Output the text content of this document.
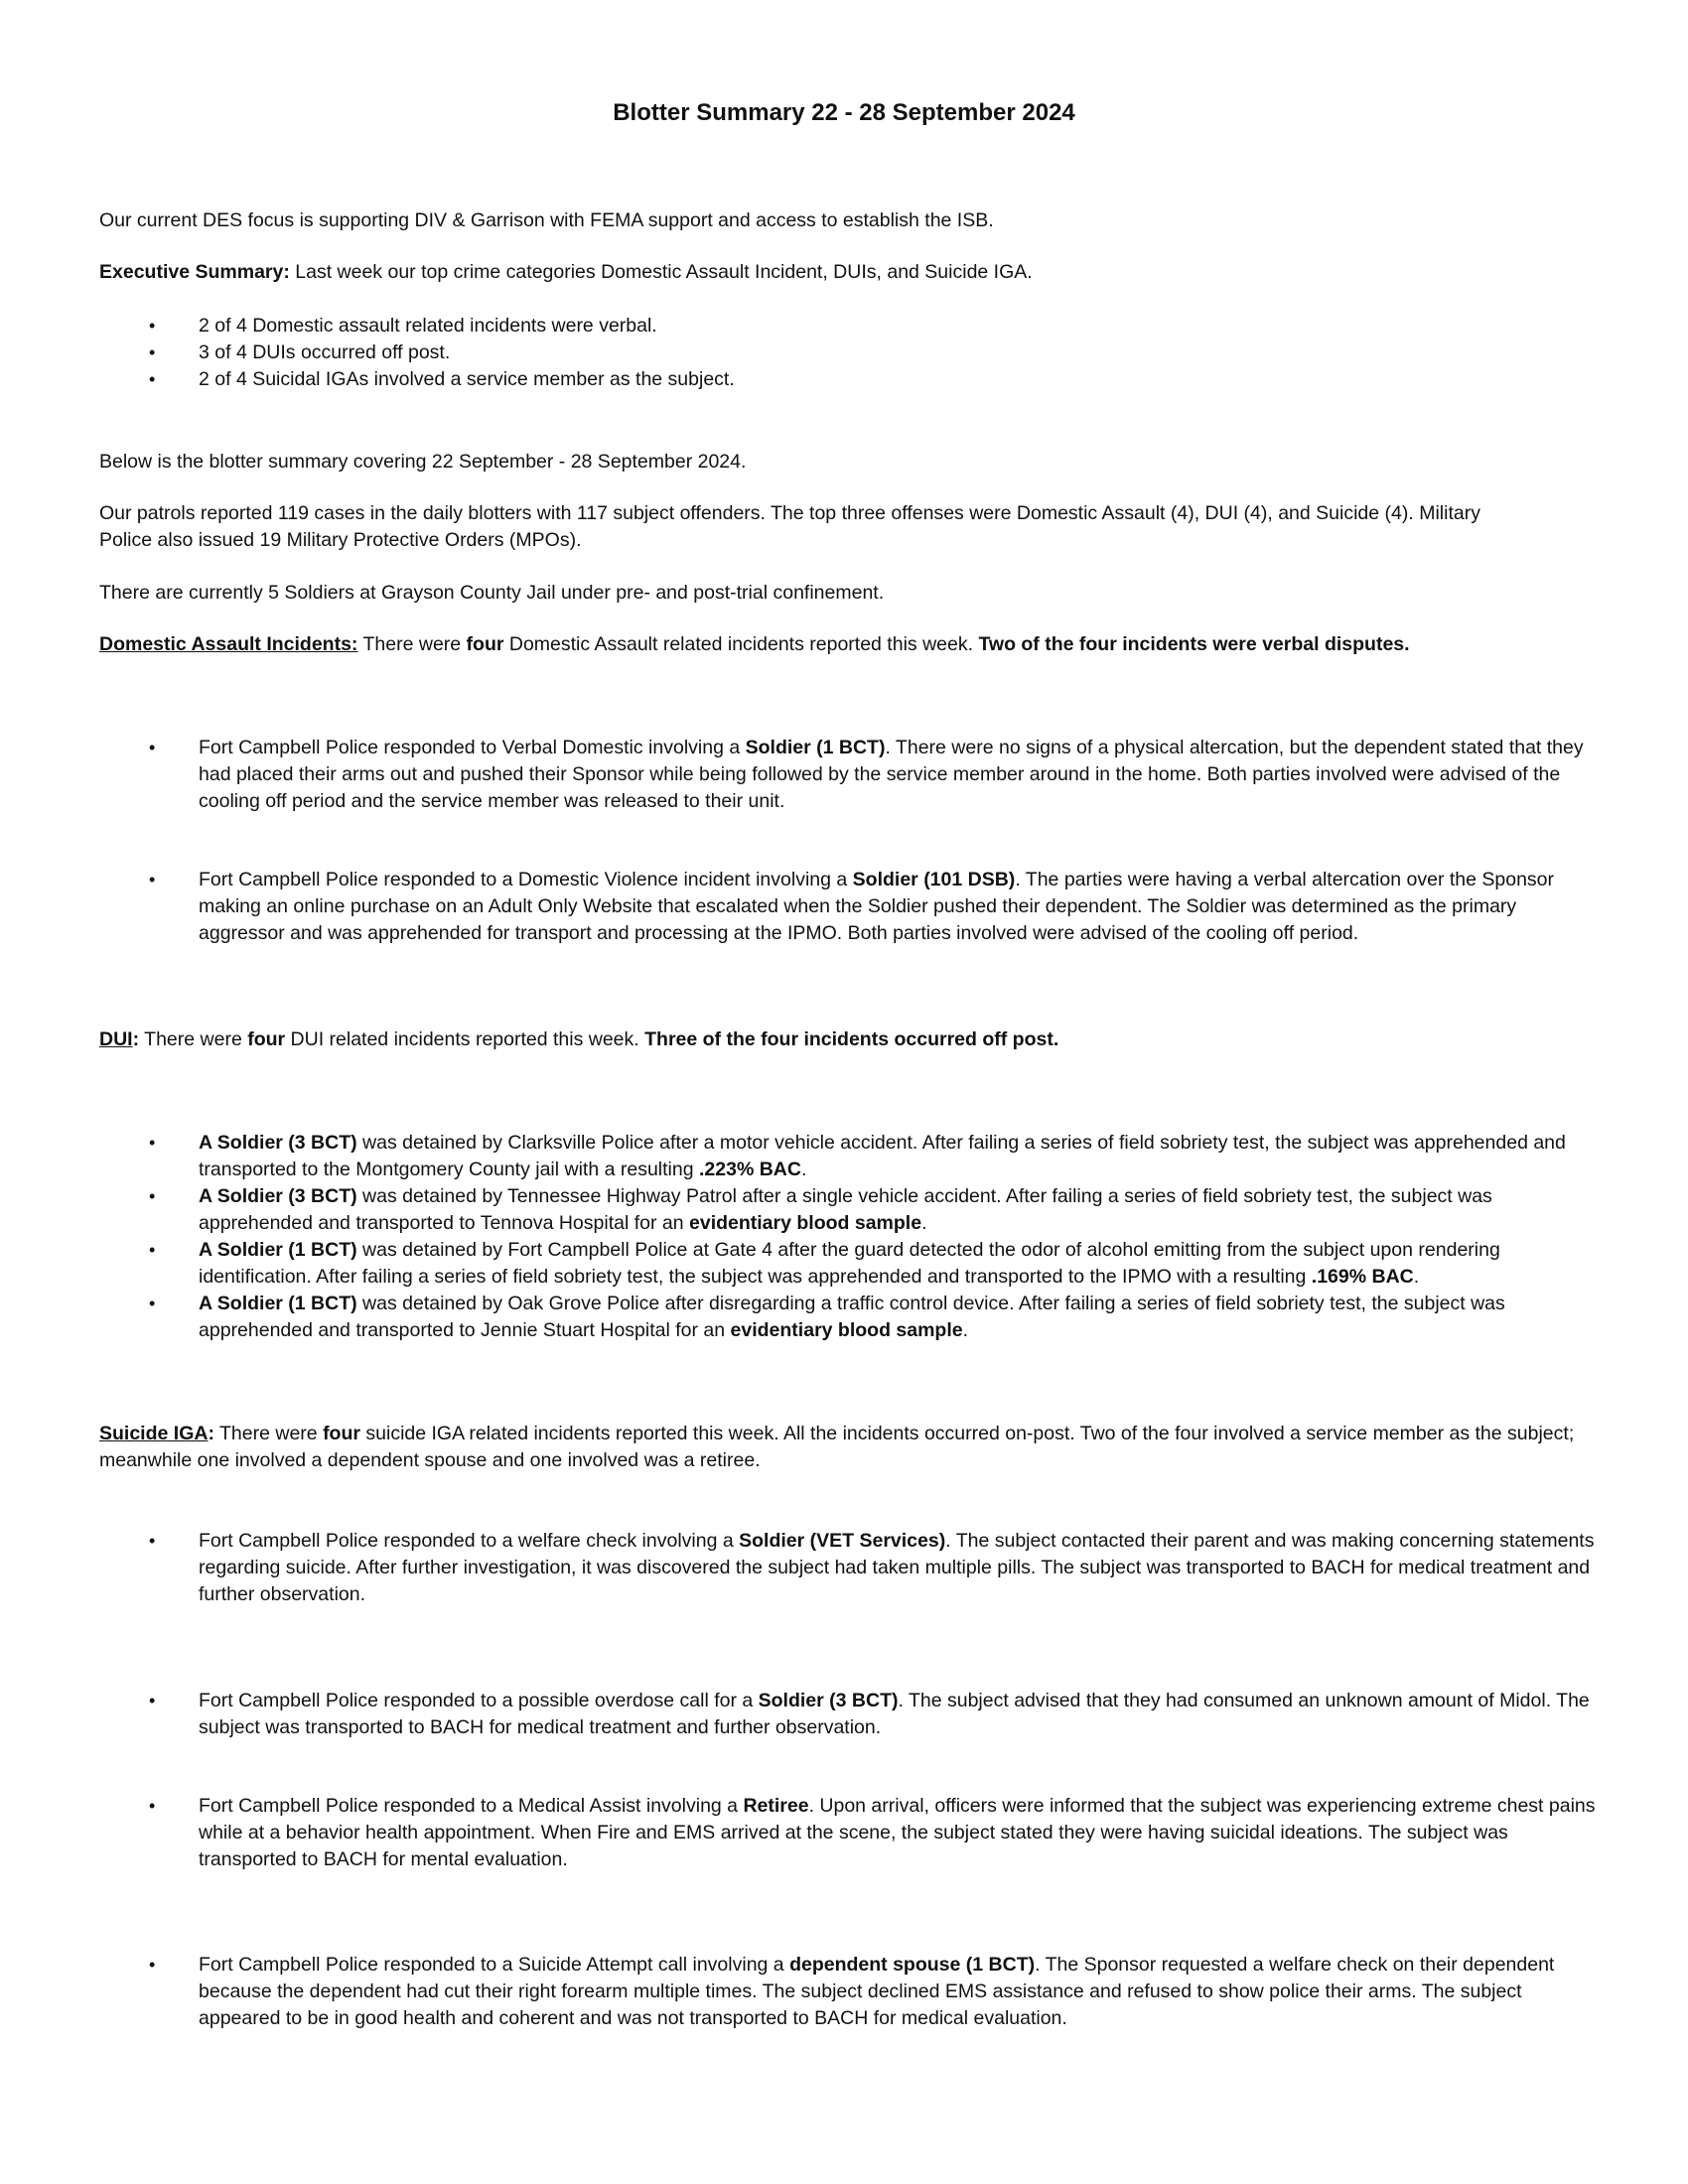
Blotter Summary 22 - 28 September 2024

Our current DES focus is supporting DIV & Garrison with FEMA support and access to establish the ISB.

Executive Summary: Last week our top crime categories Domestic Assault Incident, DUIs, and Suicide IGA.

• 2 of 4 Domestic assault related incidents were verbal.
• 3 of 4 DUIs occurred off post.
• 2 of 4 Suicidal IGAs involved a service member as the subject.

Below is the blotter summary covering 22 September - 28 September 2024.

Our patrols reported 119 cases in the daily blotters with 117 subject offenders. The top three offenses were Domestic Assault (4), DUI (4), and Suicide (4). Military Police also issued 19 Military Protective Orders (MPOs).

There are currently 5 Soldiers at Grayson County Jail under pre- and post-trial confinement.

Domestic Assault Incidents: There were four Domestic Assault related incidents reported this week. Two of the four incidents were verbal disputes.

• Fort Campbell Police responded to Verbal Domestic involving a Soldier (1 BCT). There were no signs of a physical altercation, but the dependent stated that they had placed their arms out and pushed their Sponsor while being followed by the service member around in the home. Both parties involved were advised of the cooling off period and the service member was released to their unit.
• Fort Campbell Police responded to a Domestic Violence incident involving a Soldier (101 DSB). The parties were having a verbal altercation over the Sponsor making an online purchase on an Adult Only Website that escalated when the Soldier pushed their dependent. The Soldier was determined as the primary aggressor and was apprehended for transport and processing at the IPMO. Both parties involved were advised of the cooling off period.

DUI: There were four DUI related incidents reported this week. Three of the four incidents occurred off post.

• A Soldier (3 BCT) was detained by Clarksville Police after a motor vehicle accident. After failing a series of field sobriety test, the subject was apprehended and transported to the Montgomery County jail with a resulting .223% BAC.
• A Soldier (3 BCT) was detained by Tennessee Highway Patrol after a single vehicle accident. After failing a series of field sobriety test, the subject was apprehended and transported to Tennova Hospital for an evidentiary blood sample.
• A Soldier (1 BCT) was detained by Fort Campbell Police at Gate 4 after the guard detected the odor of alcohol emitting from the subject upon rendering identification. After failing a series of field sobriety test, the subject was apprehended and transported to the IPMO with a resulting .169% BAC.
• A Soldier (1 BCT) was detained by Oak Grove Police after disregarding a traffic control device. After failing a series of field sobriety test, the subject was apprehended and transported to Jennie Stuart Hospital for an evidentiary blood sample.

Suicide IGA: There were four suicide IGA related incidents reported this week. All the incidents occurred on-post. Two of the four involved a service member as the subject; meanwhile one involved a dependent spouse and one involved was a retiree.

• Fort Campbell Police responded to a welfare check involving a Soldier (VET Services). The subject contacted their parent and was making concerning statements regarding suicide. After further investigation, it was discovered the subject had taken multiple pills. The subject was transported to BACH for medical treatment and further observation.
• Fort Campbell Police responded to a possible overdose call for a Soldier (3 BCT). The subject advised that they had consumed an unknown amount of Midol. The subject was transported to BACH for medical treatment and further observation.
• Fort Campbell Police responded to a Medical Assist involving a Retiree. Upon arrival, officers were informed that the subject was experiencing extreme chest pains while at a behavior health appointment. When Fire and EMS arrived at the scene, the subject stated they were having suicidal ideations. The subject was transported to BACH for mental evaluation.
• Fort Campbell Police responded to a Suicide Attempt call involving a dependent spouse (1 BCT). The Sponsor requested a welfare check on their dependent because the dependent had cut their right forearm multiple times. The subject declined EMS assistance and refused to show police their arms. The subject appeared to be in good health and coherent and was not transported to BACH for medical evaluation.
